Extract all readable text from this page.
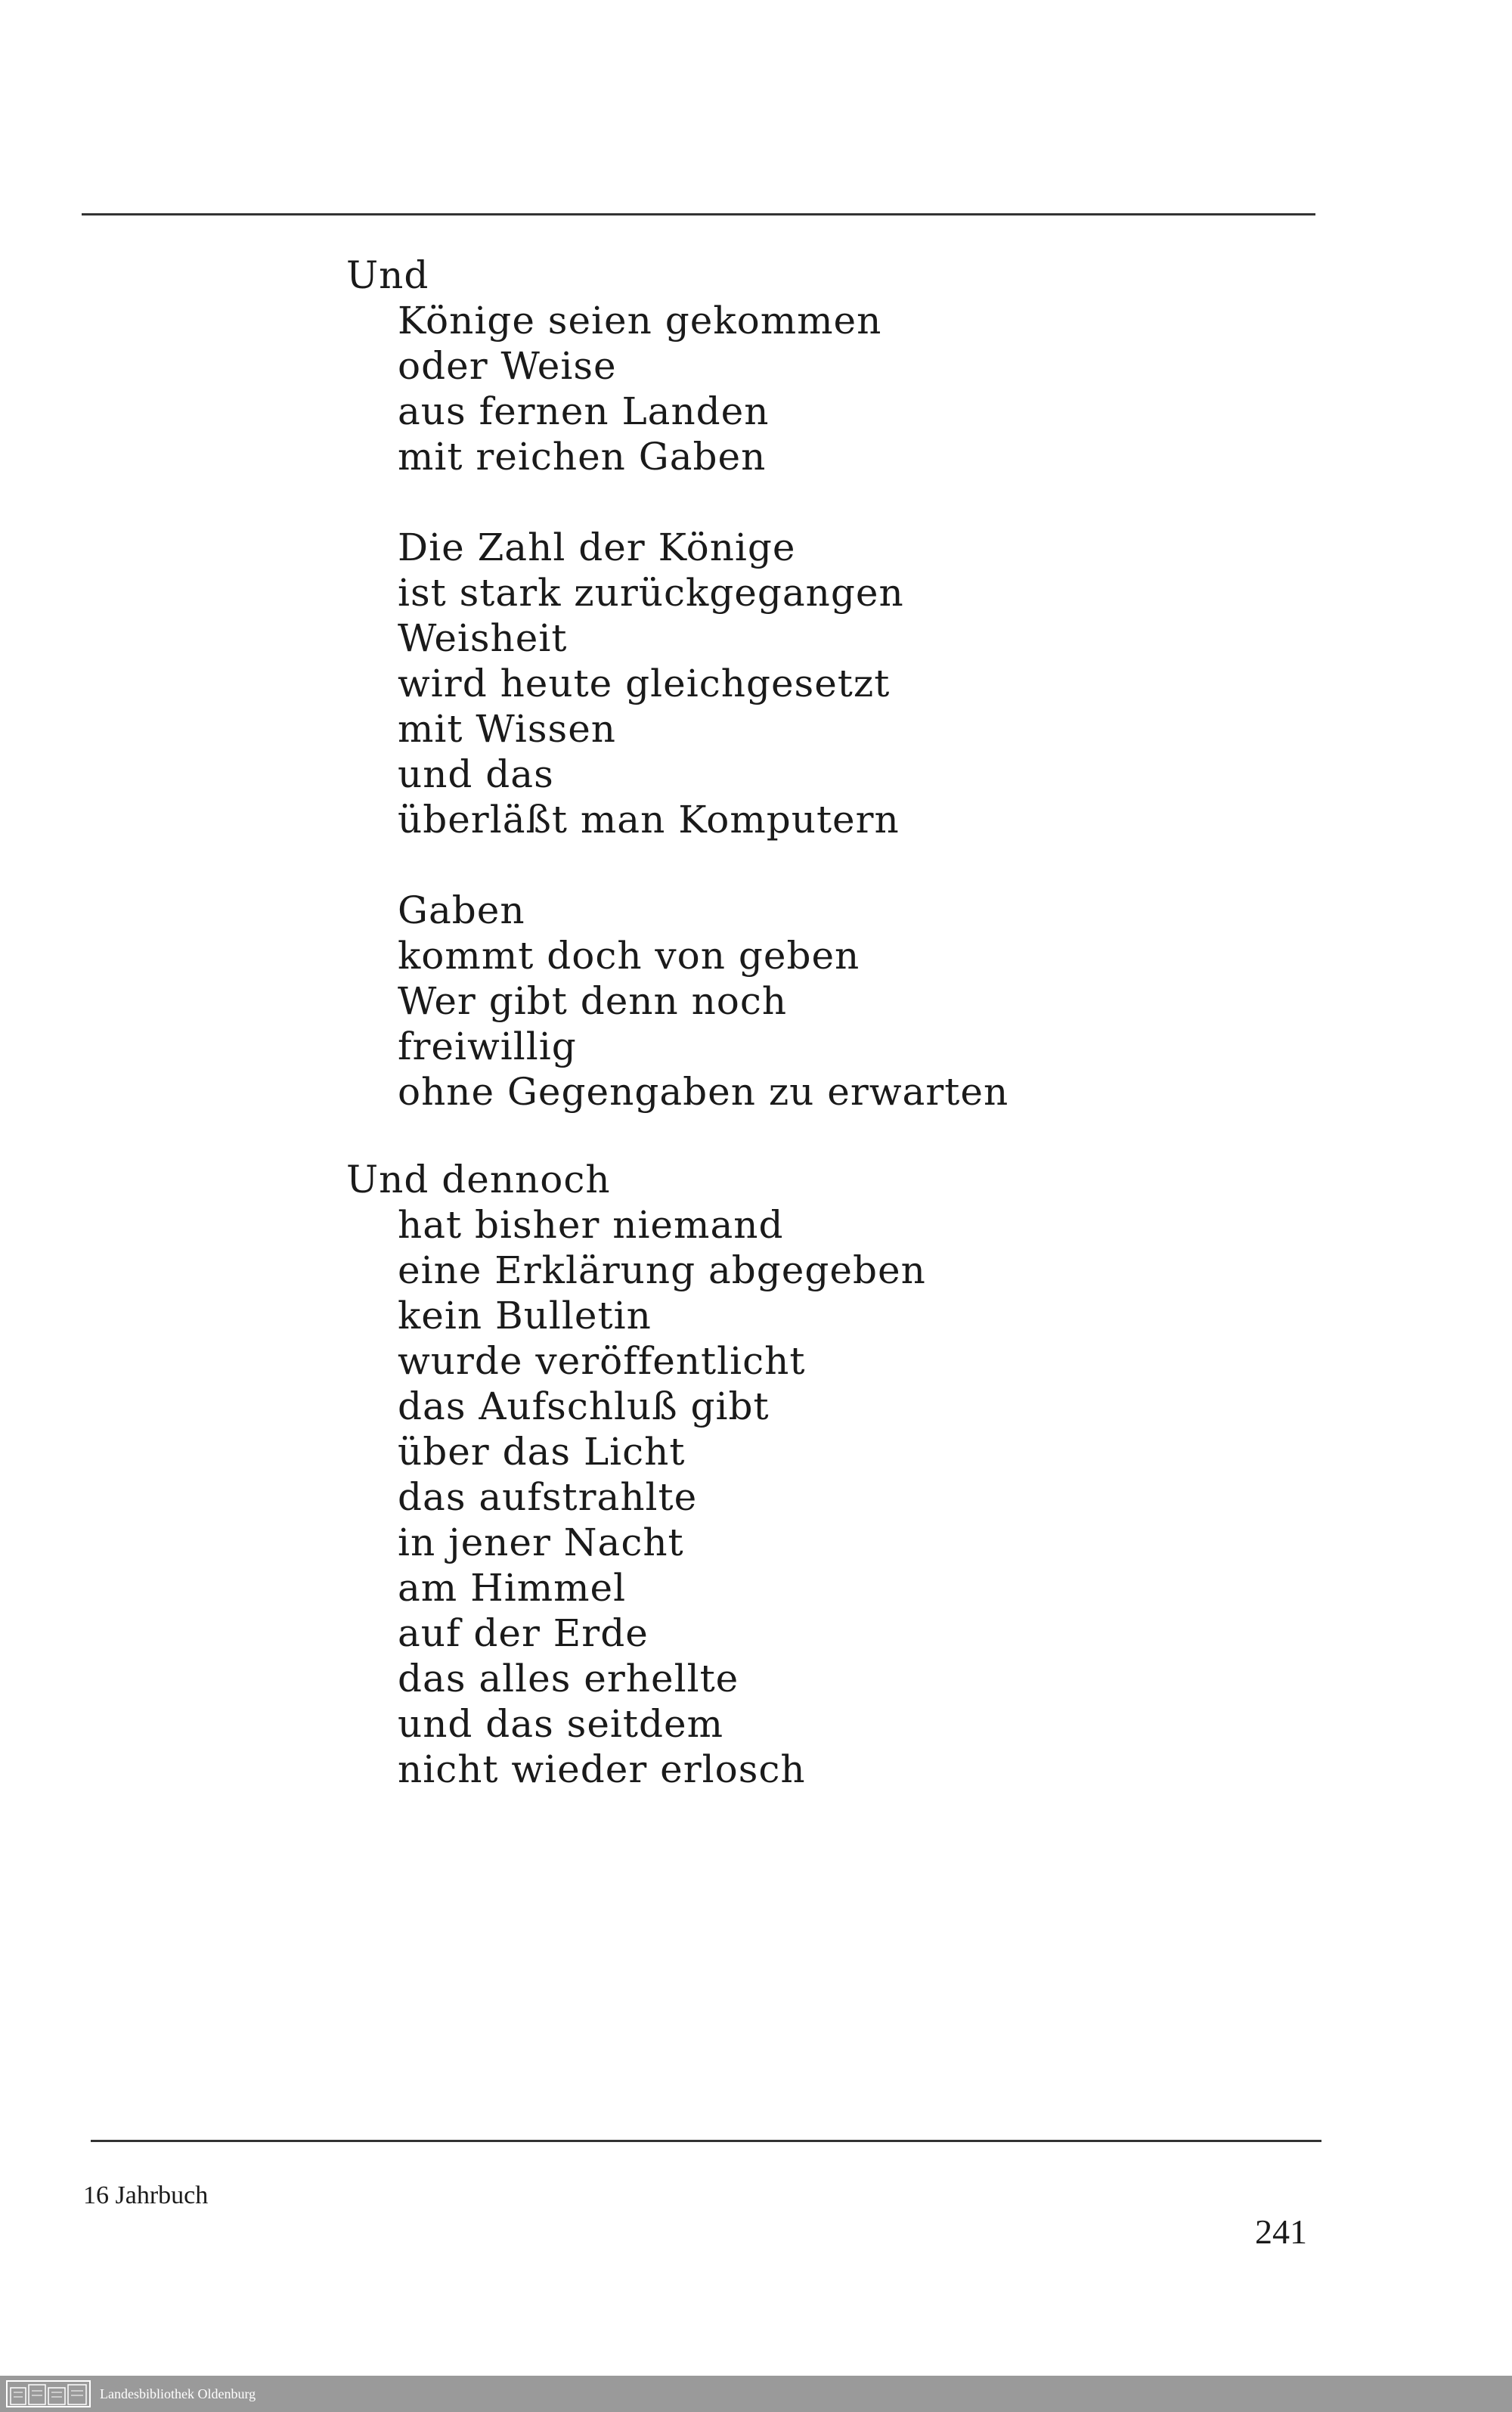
Und
Könige seien gekommen
oder Weise
aus fernen Landen
mit reichen Gaben
Die Zahl der Könige
ist stark zurückgegangen
Weisheit
wird heute gleichgesetzt
mit Wissen
und das
überläßt man Komputern
Gaben
kommt doch von geben
Wer gibt denn noch
freiwillig
ohne Gegengaben zu erwarten
Und dennoch
hat bisher niemand
eine Erklärung abgegeben
kein Bulletin
wurde veröffentlicht
das Aufschluß gibt
über das Licht
das aufstrahlte
in jener Nacht
am Himmel
auf der Erde
das alles erhellte
und das seitdem
nicht wieder erlosch
16 Jahrbuch
241
Landesbibliothek Oldenburg
